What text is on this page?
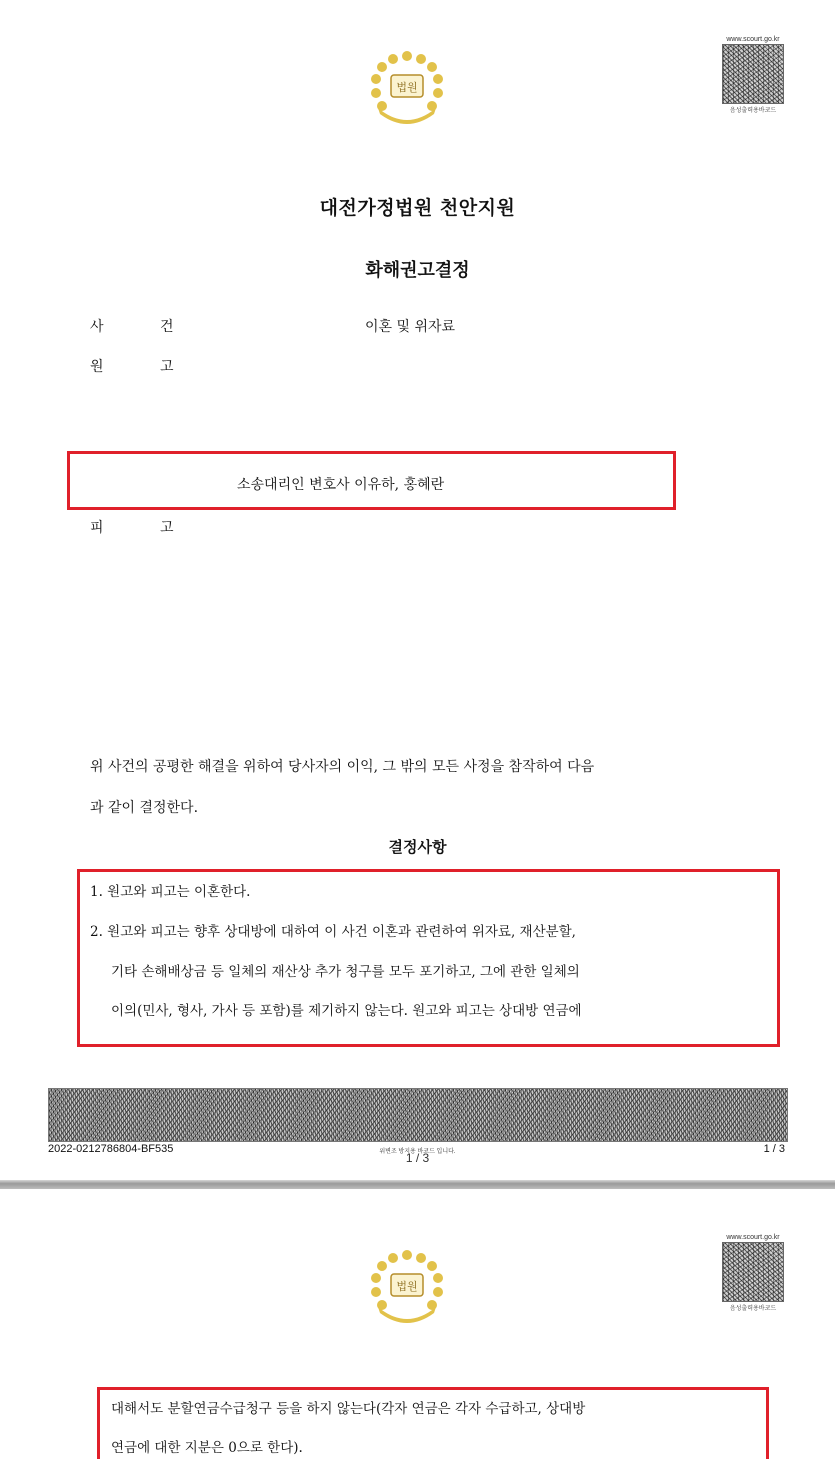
법원
www.scourt.go.kr
음성출력용바코드
대전가정법원 천안지원
화해권고결정
사	건	이혼 및 위자료
원	고
소송대리인 변호사 이유하, 홍혜란
피	고
위 사건의 공평한 해결을 위하여 당사자의 이익, 그 밖의 모든 사정을 참작하여 다음
과 같이 결정한다.
결정사항
1. 원고와 피고는 이혼한다.
2. 원고와 피고는 향후 상대방에 대하여 이 사건 이혼과 관련하여 위자료, 재산분할,
기타 손해배상금 등 일체의 재산상 추가 청구를 모두 포기하고, 그에 관한 일체의
이의(민사, 형사, 가사 등 포함)를 제기하지 않는다. 원고와 피고는 상대방 연금에
2022-0212786804-BF535	위변조 방지용 바코드 입니다.
1 / 3
1 / 3
법원
www.scourt.go.kr
음성출력용바코드
대해서도 분할연금수급청구 등을 하지 않는다(각자 연금은 각자 수급하고, 상대방
연금에 대한 지분은 0으로 한다).
